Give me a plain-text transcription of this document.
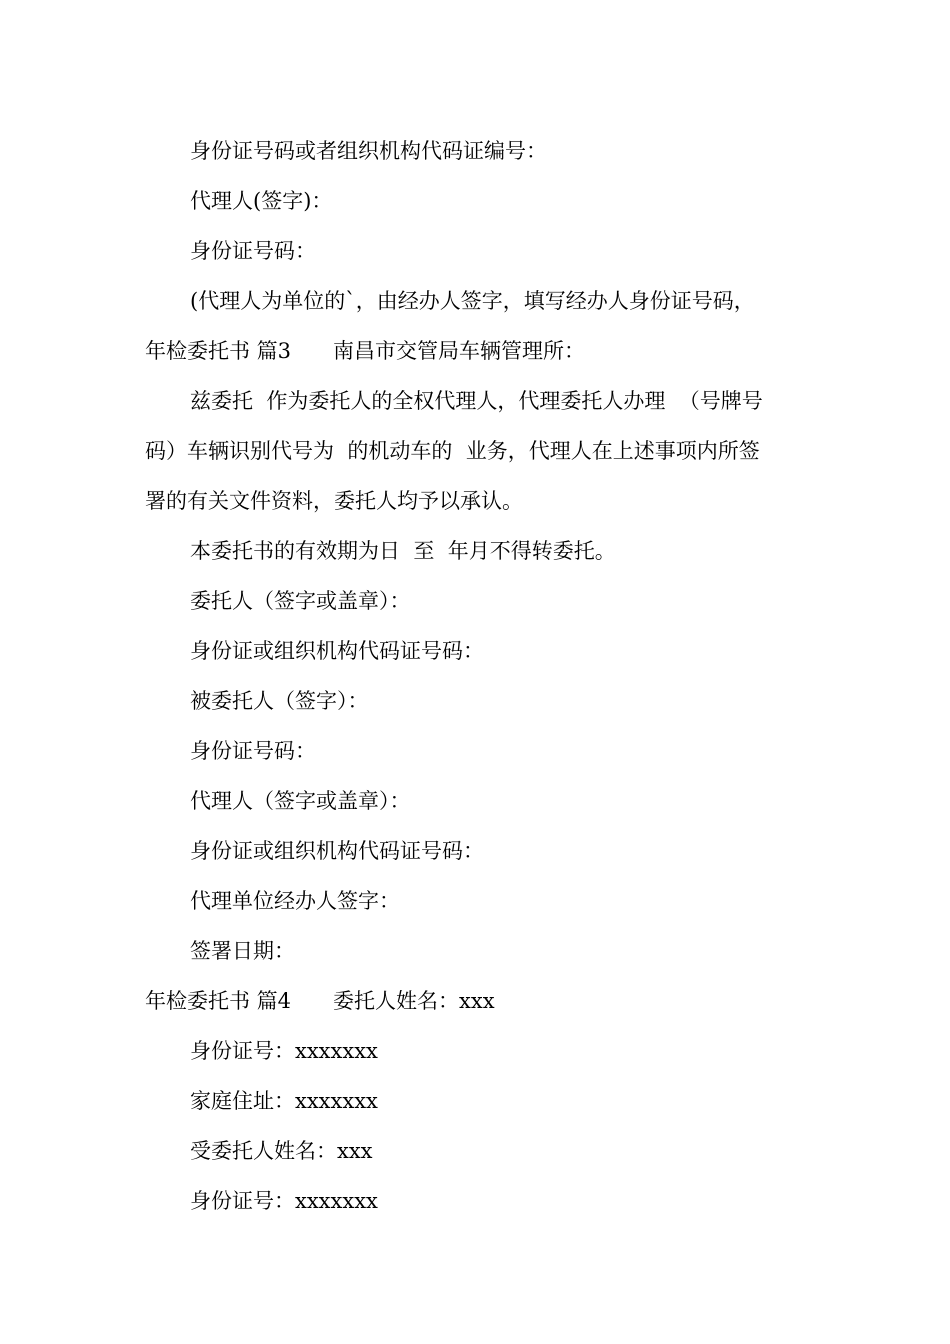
身份证号码或者组织机构代码证编号：
代理人(签字)：
身份证号码：
(代理人为单位的`，由经办人签字，填写经办人身份证号码，
年检委托书 篇3　　南昌市交管局车辆管理所：
兹委托  作为委托人的全权代理人，代理委托人办理  （号牌号
码）车辆识别代号为  的机动车的  业务，代理人在上述事项内所签
署的有关文件资料，委托人均予以承认。
本委托书的有效期为日  至  年月不得转委托。
委托人（签字或盖章）：
身份证或组织机构代码证号码：
被委托人（签字）：
身份证号码：
代理人（签字或盖章）：
身份证或组织机构代码证号码：
代理单位经办人签字：
签署日期：
年检委托书 篇4　　委托人姓名：xxx
身份证号：xxxxxxx
家庭住址：xxxxxxx
受委托人姓名：xxx
身份证号：xxxxxxx
